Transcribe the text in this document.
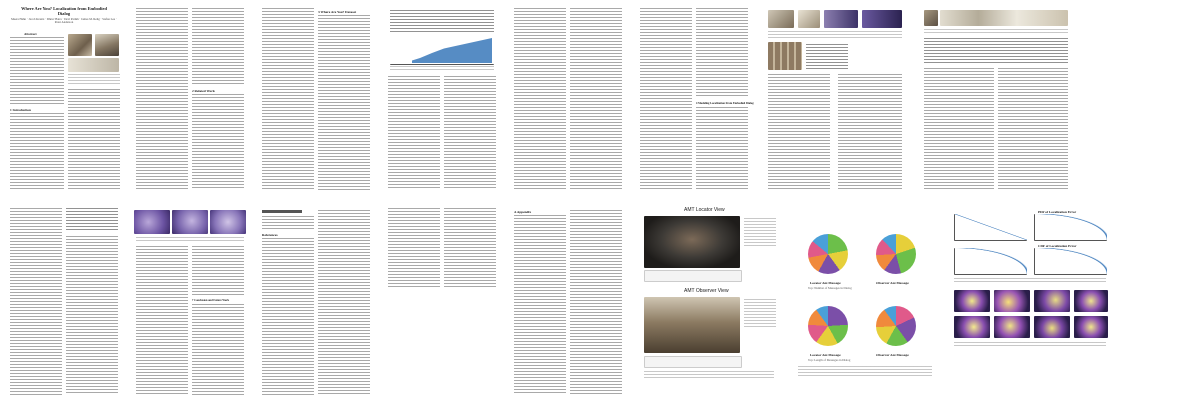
Where Are You? Localization from Embodied Dialog
Meera Hahn · Jacob Krantz · Dhruv Batra · Devi Parikh · James M. Rehg · Stefan Lee · Peter Anderson
Abstract
1 Introduction
2 Related Work
3 Where Are You? Dataset
4 Modeling Localization From Embodied Dialog
7 Conclusion and Future Work
References
A Appendix	AMT Locator View
AMT Observer View
Locator Ant Message	Observer Ant Message
Top: Number of Messages in Dialog
Locator Ant Message	Observer Ant Message
Top: Length of Messages in Dialog
PDF of Localization Error
CDF of Localization Error
